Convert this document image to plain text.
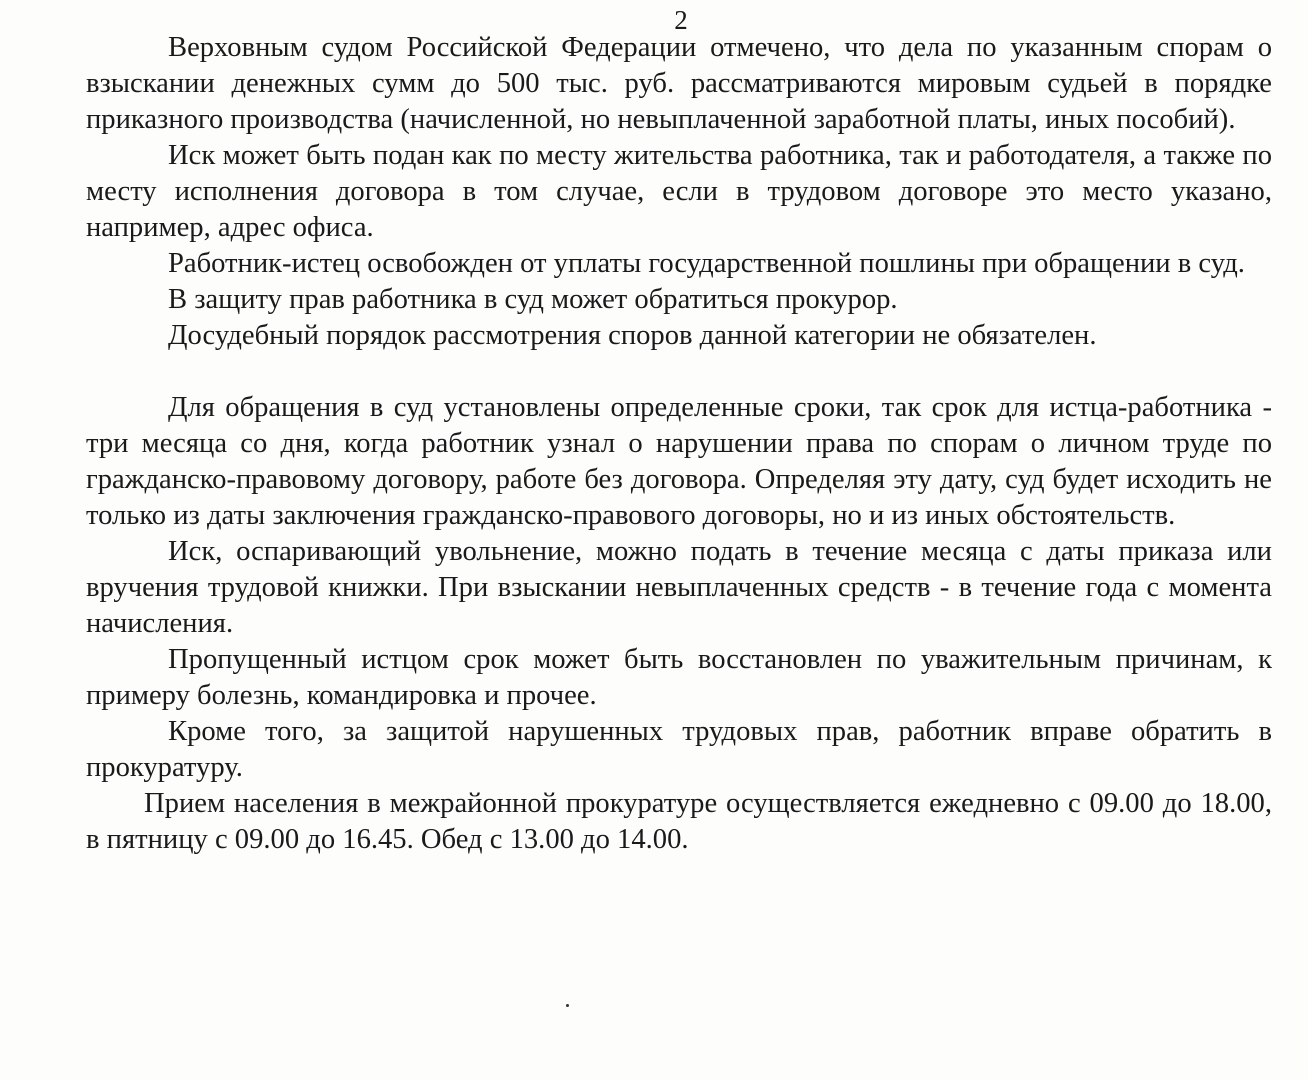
2

Верховным судом Российской Федерации отмечено, что дела по указанным спорам о взыскании денежных сумм до 500 тыс. руб. рассматриваются мировым судьей в порядке приказного производства (начисленной, но невыплаченной заработной платы, иных пособий).

Иск может быть подан как по месту жительства работника, так и работодателя, а также по месту исполнения договора в том случае, если в трудовом договоре это место указано, например, адрес офиса.

Работник-истец освобожден от уплаты государственной пошлины при обращении в суд.

В защиту прав работника в суд может обратиться прокурор.

Досудебный порядок рассмотрения споров данной категории не обязателен.

Для обращения в суд установлены определенные сроки, так срок для истца-работника - три месяца со дня, когда работник узнал о нарушении права по спорам о личном труде по гражданско-правовому договору, работе без договора. Определяя эту дату, суд будет исходить не только из даты заключения гражданско-правового договоры, но и из иных обстоятельств.

Иск, оспаривающий увольнение, можно подать в течение месяца с даты приказа или вручения трудовой книжки. При взыскании невыплаченных средств - в течение года с момента начисления.

Пропущенный истцом срок может быть восстановлен по уважительным причинам, к примеру болезнь, командировка и прочее.

Кроме того, за защитой нарушенных трудовых прав, работник вправе обратить в прокуратуру.

Прием населения в межрайонной прокуратуре осуществляется ежедневно с 09.00 до 18.00, в пятницу с 09.00 до 16.45. Обед с 13.00 до 14.00.
